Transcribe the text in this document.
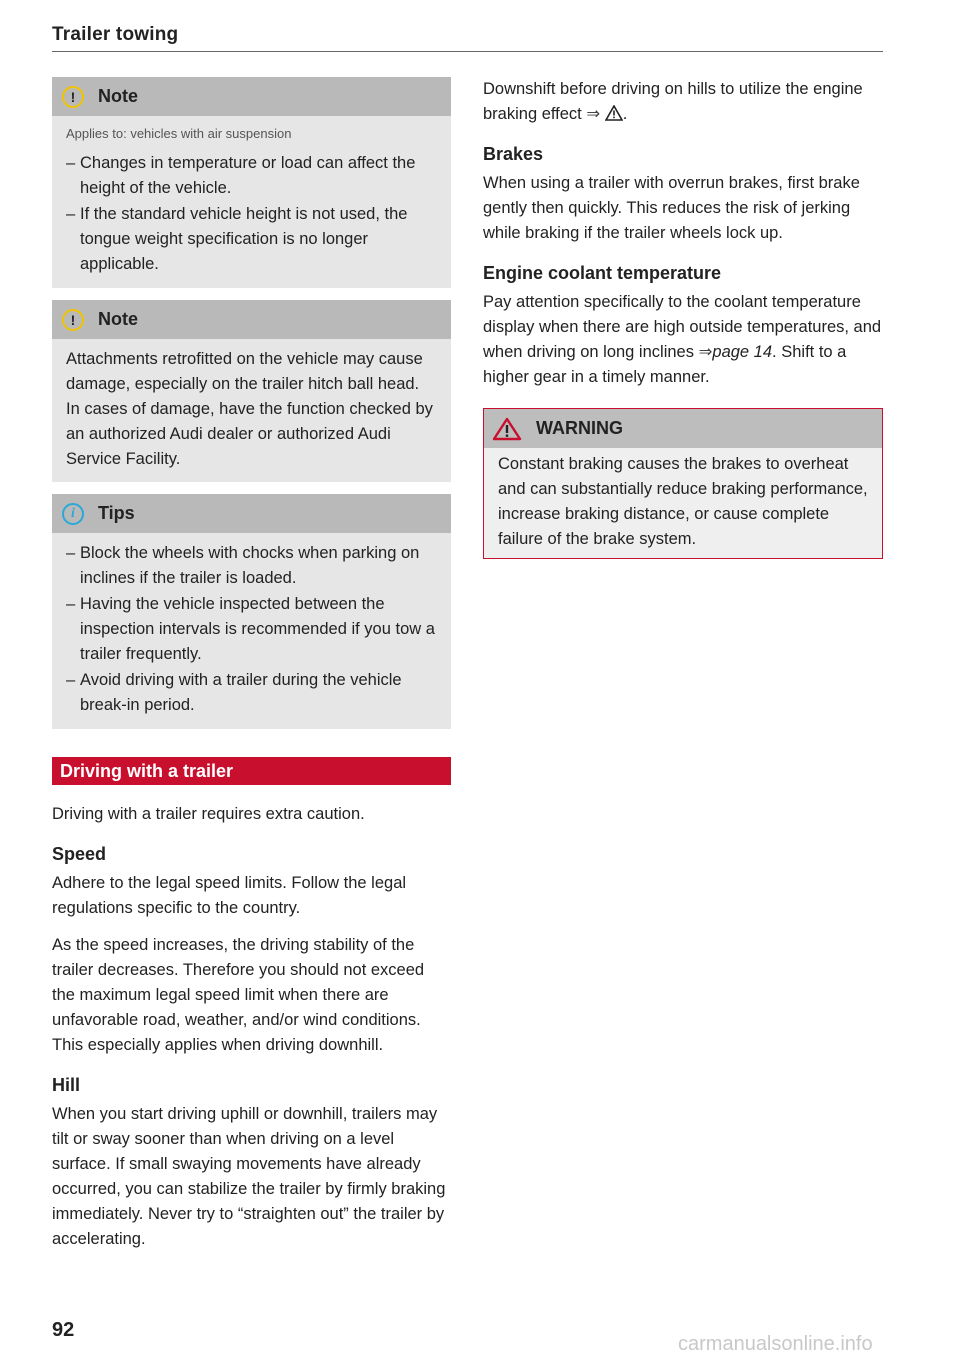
Trailer towing
!	Note
Applies to: vehicles with air suspension
– Changes in temperature or load can affect the height of the vehicle.
– If the standard vehicle height is not used, the tongue weight specification is no longer applicable.
!	Note

Attachments retrofitted on the vehicle may cause damage, especially on the trailer hitch ball head. In cases of damage, have the function checked by an authorized Audi dealer or authorized Audi Service Facility.

i	Tips
– Block the wheels with chocks when parking on inclines if the trailer is loaded.
– Having the vehicle inspected between the inspection intervals is recommended if you tow a trailer frequently.
– Avoid driving with a trailer during the vehicle break-in period.
Driving with a trailer

Driving with a trailer requires extra caution.

Speed

Adhere to the legal speed limits. Follow the legal regulations specific to the country.

As the speed increases, the driving stability of the trailer decreases. Therefore you should not exceed the maximum legal speed limit when there are unfavorable road, weather, and/or wind conditions. This especially applies when driving downhill.

Hill

When you start driving uphill or downhill, trailers may tilt or sway sooner than when driving on a level surface. If small swaying movements have already occurred, you can stabilize the trailer by firmly braking immediately. Never try to “straighten out” the trailer by accelerating.

Downshift before driving on hills to utilize the engine braking effect ⇒ .

Brakes

When using a trailer with overrun brakes, first brake gently then quickly. This reduces the risk of jerking while braking if the trailer wheels lock up.

Engine coolant temperature

Pay attention specifically to the coolant temperature display when there are high outside temperatures, and when driving on long inclines ⇒page 14. Shift to a higher gear in a timely manner.

WARNING

Constant braking causes the brakes to overheat and can substantially reduce braking performance, increase braking distance, or cause complete failure of the brake system.

92
carmanualsonline.info
